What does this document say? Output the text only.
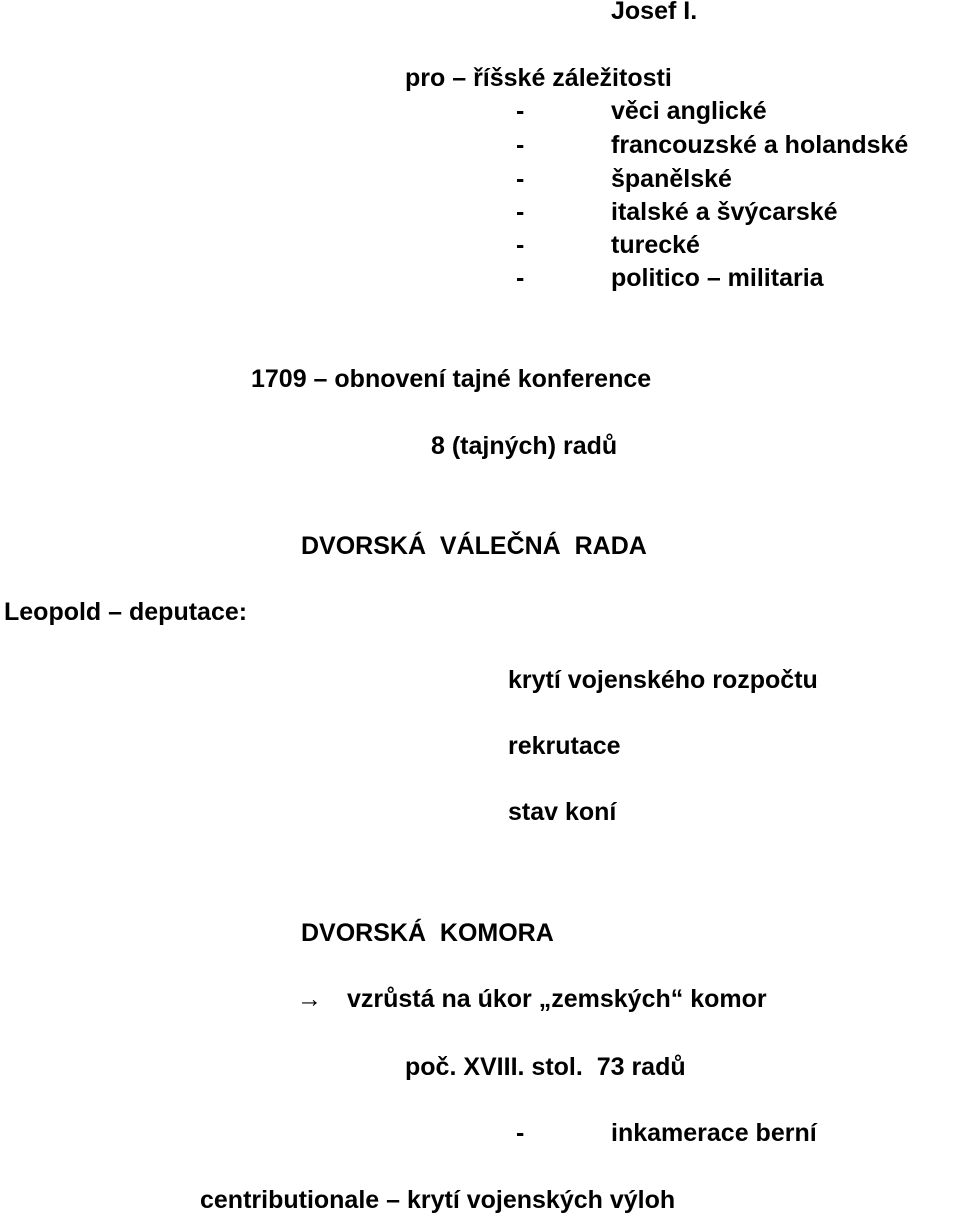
Josef I.
pro – říšské záležitosti
-	věci anglické
-	francouzské a holandské
-	španělské
-	italské a švýcarské
-	turecké
-	politico – militaria
1709 – obnovení tajné konference
8 (tajných) radů
DVORSKÁ  VÁLEČNÁ  RADA
Leopold – deputace:
krytí vojenského rozpočtu
rekrutace
stav koní
DVORSKÁ  KOMORA
→ vzrůstá na úkor „zemských“ komor
poč. XVIII. stol.  73 radů
-	inkamerace berní
centributionale – krytí vojenských výloh
